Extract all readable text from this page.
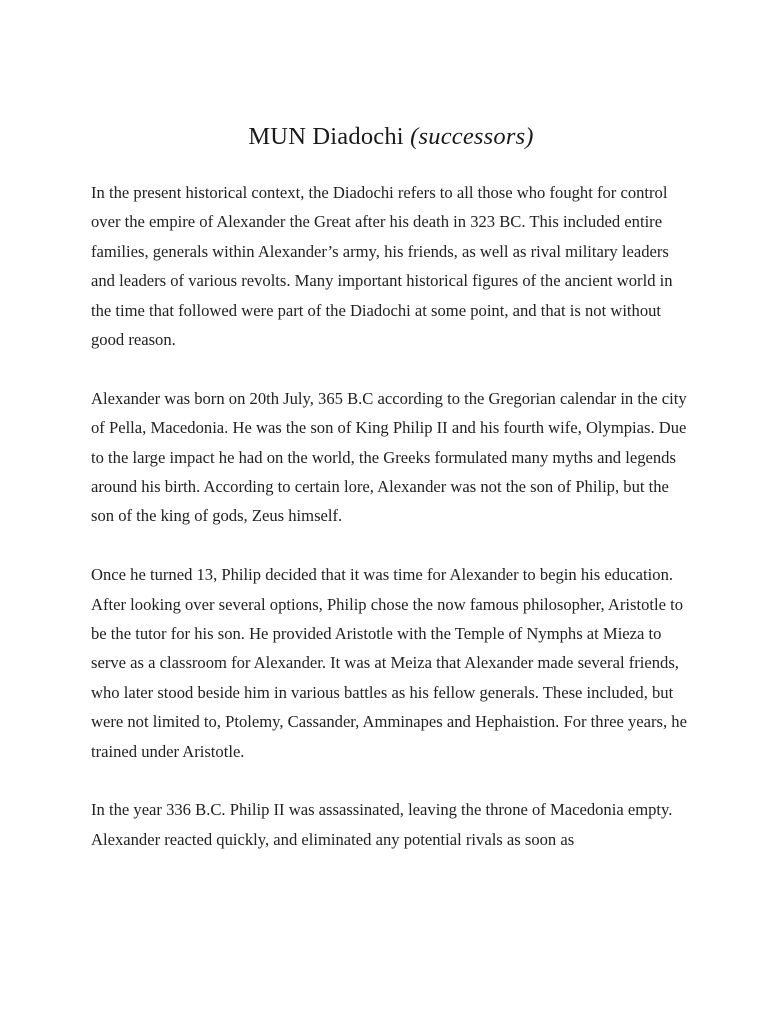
MUN Diadochi (successors)

In the present historical context, the Diadochi refers to all those who fought for control over the empire of Alexander the Great after his death in 323 BC. This included entire families, generals within Alexander’s army, his friends, as well as rival military leaders and leaders of various revolts. Many important historical figures of the ancient world in the time that followed were part of the Diadochi at some point, and that is not without good reason.

Alexander was born on 20th July, 365 B.C according to the Gregorian calendar in the city of Pella, Macedonia. He was the son of King Philip II and his fourth wife, Olympias. Due to the large impact he had on the world, the Greeks formulated many myths and legends around his birth. According to certain lore, Alexander was not the son of Philip, but the son of the king of gods, Zeus himself.

Once he turned 13, Philip decided that it was time for Alexander to begin his education. After looking over several options, Philip chose the now famous philosopher, Aristotle to be the tutor for his son. He provided Aristotle with the Temple of Nymphs at Mieza to serve as a classroom for Alexander. It was at Meiza that Alexander made several friends, who later stood beside him in various battles as his fellow generals. These included, but were not limited to, Ptolemy, Cassander, Amminapes and Hephaistion. For three years, he trained under Aristotle.

In the year 336 B.C. Philip II was assassinated, leaving the throne of Macedonia empty. Alexander reacted quickly, and eliminated any potential rivals as soon as
